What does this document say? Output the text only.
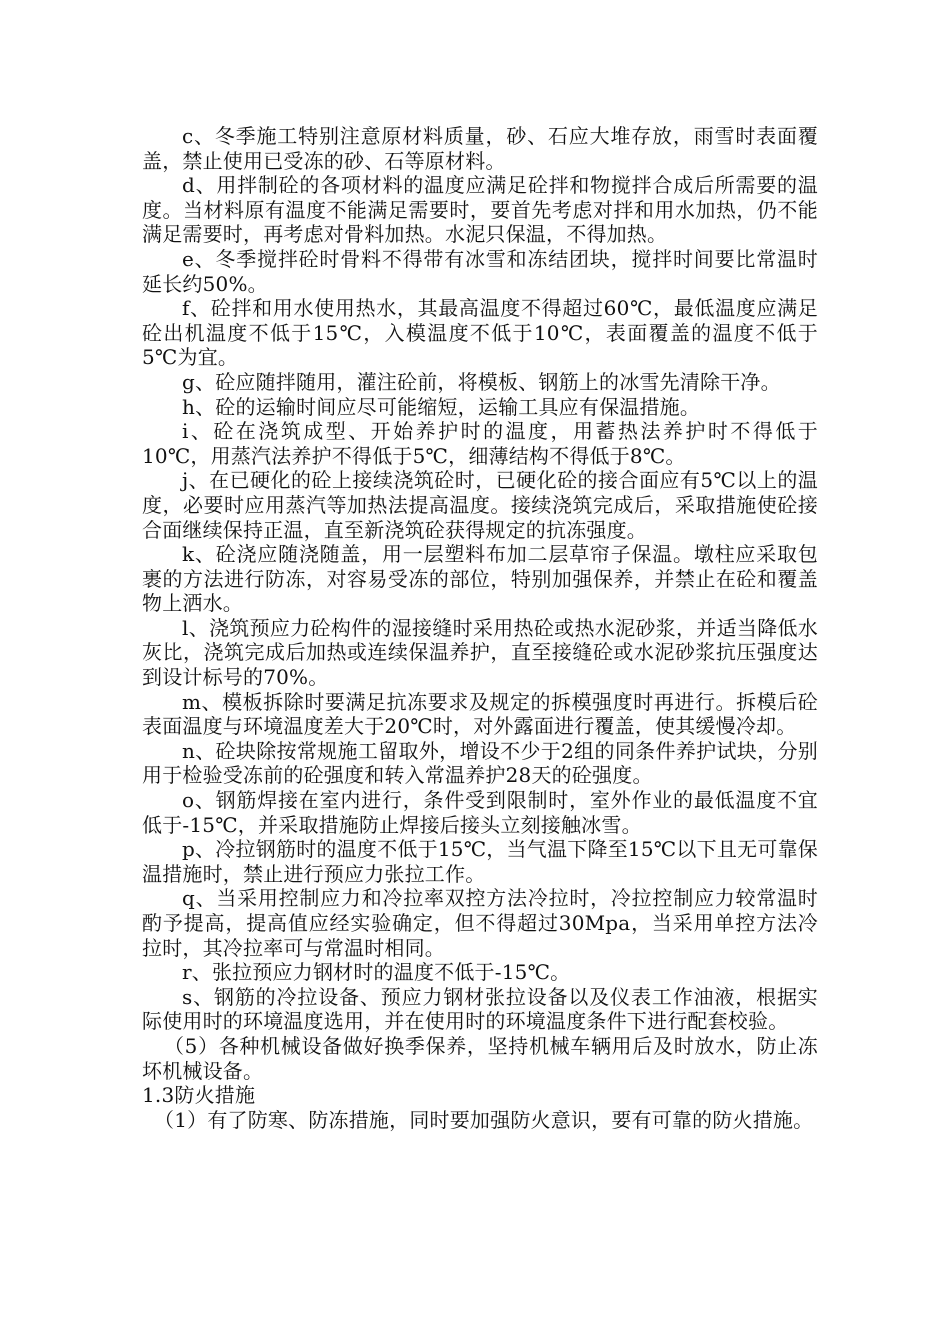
c、冬季施工特别注意原材料质量，砂、石应大堆存放，雨雪时表面覆盖，禁止使用已受冻的砂、石等原材料。

d、用拌制砼的各项材料的温度应满足砼拌和物搅拌合成后所需要的温度。当材料原有温度不能满足需要时，要首先考虑对拌和用水加热，仍不能满足需要时，再考虑对骨料加热。水泥只保温，不得加热。

e、冬季搅拌砼时骨料不得带有冰雪和冻结团块，搅拌时间要比常温时延长约50%。

f、砼拌和用水使用热水，其最高温度不得超过60℃，最低温度应满足砼出机温度不低于15℃，入模温度不低于10℃，表面覆盖的温度不低于5℃为宜。

g、砼应随拌随用，灌注砼前，将模板、钢筋上的冰雪先清除干净。

h、砼的运输时间应尽可能缩短，运输工具应有保温措施。

i、砼在浇筑成型、开始养护时的温度，用蓄热法养护时不得低于10℃，用蒸汽法养护不得低于5℃，细薄结构不得低于8℃。

j、在已硬化的砼上接续浇筑砼时，已硬化砼的接合面应有5℃以上的温度，必要时应用蒸汽等加热法提高温度。接续浇筑完成后，采取措施使砼接合面继续保持正温，直至新浇筑砼获得规定的抗冻强度。

k、砼浇应随浇随盖，用一层塑料布加二层草帘子保温。墩柱应采取包裹的方法进行防冻，对容易受冻的部位，特别加强保养，并禁止在砼和覆盖物上洒水。

l、浇筑预应力砼构件的湿接缝时采用热砼或热水泥砂浆，并适当降低水灰比，浇筑完成后加热或连续保温养护，直至接缝砼或水泥砂浆抗压强度达到设计标号的70%。

m、模板拆除时要满足抗冻要求及规定的拆模强度时再进行。拆模后砼表面温度与环境温度差大于20℃时，对外露面进行覆盖，使其缓慢冷却。

n、砼块除按常规施工留取外，增设不少于2组的同条件养护试块，分别用于检验受冻前的砼强度和转入常温养护28天的砼强度。

o、钢筋焊接在室内进行，条件受到限制时，室外作业的最低温度不宜低于-15℃，并采取措施防止焊接后接头立刻接触冰雪。

p、冷拉钢筋时的温度不低于15℃，当气温下降至15℃以下且无可靠保温措施时，禁止进行预应力张拉工作。

q、当采用控制应力和冷拉率双控方法冷拉时，冷拉控制应力较常温时酌予提高，提高值应经实验确定，但不得超过30Mpa，当采用单控方法冷拉时，其冷拉率可与常温时相同。

r、张拉预应力钢材时的温度不低于-15℃。

s、钢筋的冷拉设备、预应力钢材张拉设备以及仪表工作油液，根据实际使用时的环境温度选用，并在使用时的环境温度条件下进行配套校验。

（5）各种机械设备做好换季保养，坚持机械车辆用后及时放水，防止冻坏机械设备。

1.3防火措施

（1）有了防寒、防冻措施，同时要加强防火意识，要有可靠的防火措施。
